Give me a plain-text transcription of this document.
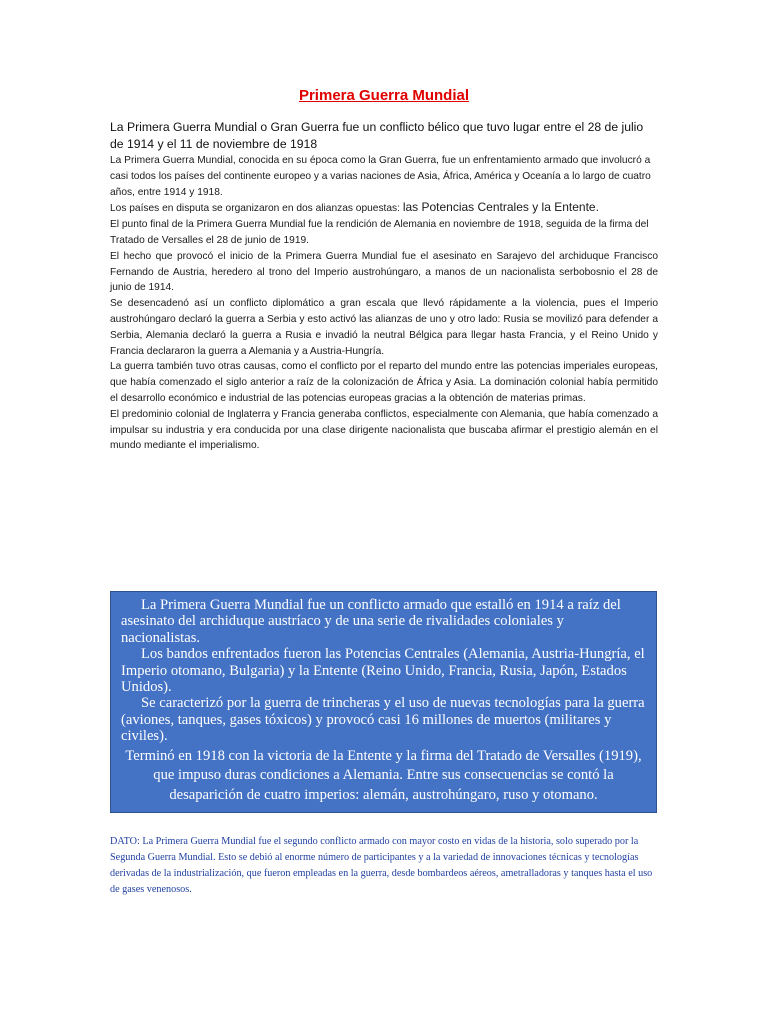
Primera Guerra Mundial

La Primera Guerra Mundial o Gran Guerra fue un conflicto bélico que tuvo lugar entre el 28 de julio de 1914 y el 11 de noviembre de 1918

La Primera Guerra Mundial, conocida en su época como la Gran Guerra, fue un enfrentamiento armado que involucró a casi todos los países del continente europeo y a varias naciones de Asia, África, América y Oceanía a lo largo de cuatro años, entre 1914 y 1918.

Los países en disputa se organizaron en dos alianzas opuestas: las Potencias Centrales y la Entente.

El punto final de la Primera Guerra Mundial fue la rendición de Alemania en noviembre de 1918, seguida de la firma del Tratado de Versalles el 28 de junio de 1919.

El hecho que provocó el inicio de la Primera Guerra Mundial fue el asesinato en Sarajevo del archiduque Francisco Fernando de Austria, heredero al trono del Imperio austrohúngaro, a manos de un nacionalista serbobosnio el 28 de junio de 1914.

Se desencadenó así un conflicto diplomático a gran escala que llevó rápidamente a la violencia, pues el Imperio austrohúngaro declaró la guerra a Serbia y esto activó las alianzas de uno y otro lado: Rusia se movilizó para defender a Serbia, Alemania declaró la guerra a Rusia e invadió la neutral Bélgica para llegar hasta Francia, y el Reino Unido y Francia declararon la guerra a Alemania y a Austria-Hungría.

La guerra también tuvo otras causas, como el conflicto por el reparto del mundo entre las potencias imperiales europeas, que había comenzado el siglo anterior a raíz de la colonización de África y Asia. La dominación colonial había permitido el desarrollo económico e industrial de las potencias europeas gracias a la obtención de materias primas.

El predominio colonial de Inglaterra y Francia generaba conflictos, especialmente con Alemania, que había comenzado a impulsar su industria y era conducida por una clase dirigente nacionalista que buscaba afirmar el prestigio alemán en el mundo mediante el imperialismo.

La Primera Guerra Mundial fue un conflicto armado que estalló en 1914 a raíz del asesinato del archiduque austríaco y de una serie de rivalidades coloniales y nacionalistas.

Los bandos enfrentados fueron las Potencias Centrales (Alemania, Austria-Hungría, el Imperio otomano, Bulgaria) y la Entente (Reino Unido, Francia, Rusia, Japón, Estados Unidos).

Se caracterizó por la guerra de trincheras y el uso de nuevas tecnologías para la guerra (aviones, tanques, gases tóxicos) y provocó casi 16 millones de muertos (militares y civiles).

Terminó en 1918 con la victoria de la Entente y la firma del Tratado de Versalles (1919), que impuso duras condiciones a Alemania. Entre sus consecuencias se contó la desaparición de cuatro imperios: alemán, austrohúngaro, ruso y otomano.

DATO: La Primera Guerra Mundial fue el segundo conflicto armado con mayor costo en vidas de la historia, solo superado por la Segunda Guerra Mundial. Esto se debió al enorme número de participantes y a la variedad de innovaciones técnicas y tecnologías derivadas de la industrialización, que fueron empleadas en la guerra, desde bombardeos aéreos, ametralladoras y tanques hasta el uso de gases venenosos.
